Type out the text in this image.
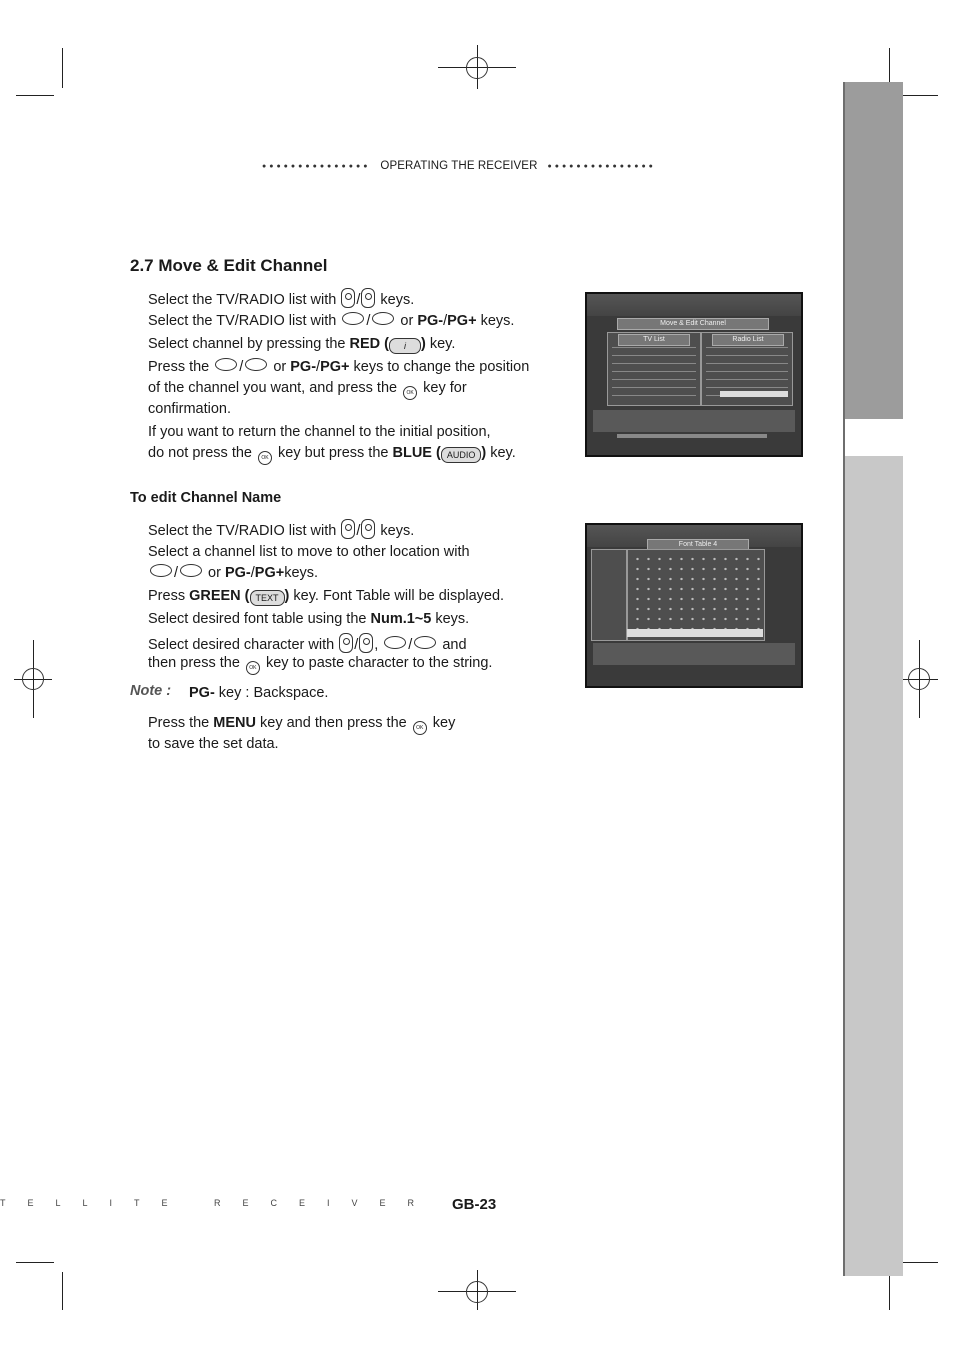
●●●●●●●●●●●●●●● OPERATING THE RECEIVER ●●●●●●●●●●●●●●●
2.7 Move & Edit Channel
Select the TV/RADIO list with / keys.
Select the TV/RADIO list with / or PG-/PG+ keys.
Select channel by pressing the RED ( i ) key.
Press the / or PG-/PG+ keys to change the position
of the channel you want, and press the OK key for
confirmation.
If you want to return the channel to the initial position,
do not press the OK key but press the BLUE ( AUDIO ) key.
Move & Edit Channel
TV List	Radio List
To edit Channel Name
Select the TV/RADIO list with / keys.
Select a channel list to move to other location with
/ or PG-/PG+keys.
Press GREEN ( TEXT ) key. Font Table will be displayed.
Select desired font table using the Num.1~5 keys.
Select desired character with / , / and
then press the OK key to paste character to the string.
Note : PG- key : Backspace.
Press the MENU key and then press the OK key
to save the set data.
Font Table 4
TELLITE RECEIVER GB-23
